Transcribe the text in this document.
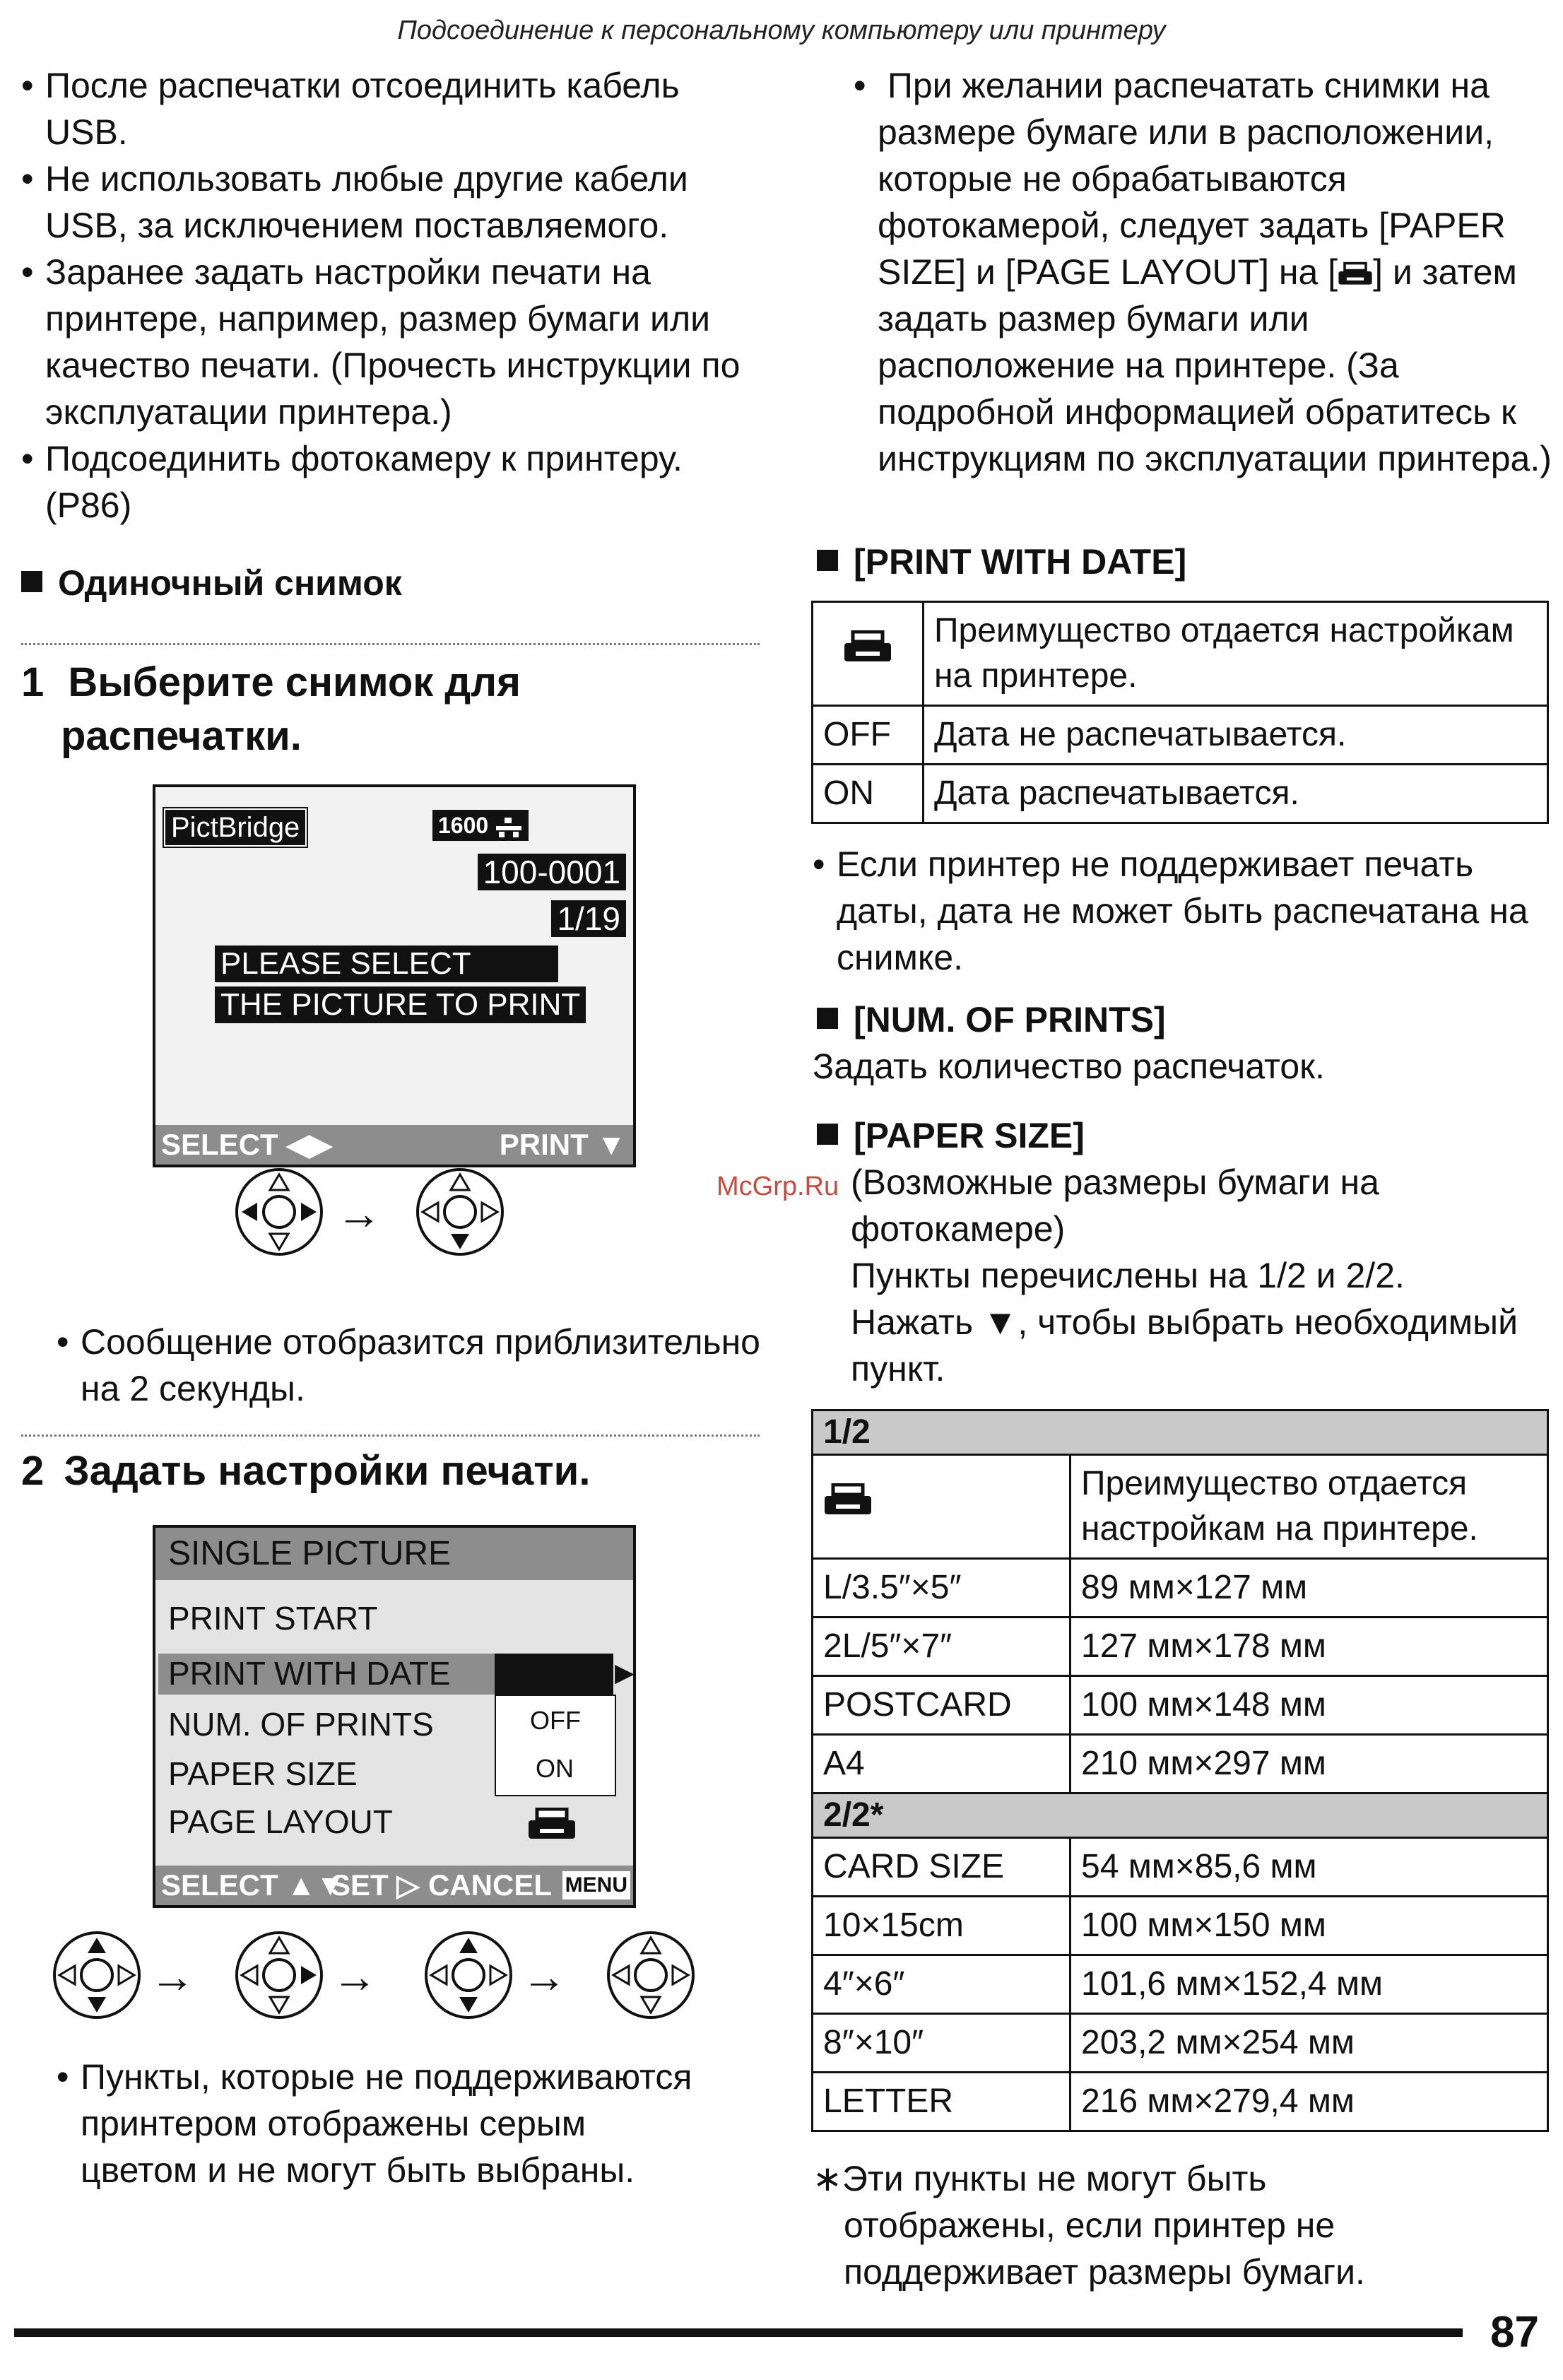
Подсоединение к персональному компьютеру или принтеру

• После распечатки отсоединить кабель USB.

• Не использовать любые другие кабели USB, за исключением поставляемого.

• Заранее задать настройки печати на принтере, например, размер бумаги или качество печати. (Прочесть инструкции по эксплуатации принтера.)

• Подсоединить фотокамеру к принтеру. (P86)

Одиночный снимок
1 Выберите снимок для
распечатки.
PictBridge	1600
100-0001
1/19
PLEASE SELECT
THE PICTURE TO PRINT
SELECT ◀▶	PRINT ▼
→

• Сообщение отобразится приблизительно на 2 секунды.

2 Задать настройки печати.
SINGLE PICTURE
PRINT START
PRINT WITH DATE
NUM. OF PRINTS
PAPER SIZE
PAGE LAYOUT
▶
OFF
ON
SELECT ▲▼
SET ▷ CANCEL MENU
→	→	→

• Пункты, которые не поддерживаются принтером отображены серым цветом и не могут быть выбраны.

• При желании распечатать снимки на размере бумаге или в расположении, которые не обрабатываются фотокамерой, следует задать [PAPER SIZE] и [PAGE LAYOUT] на [ ] и затем задать размер бумаги или расположение на принтере. (За подробной информацией обратитесь к инструкциям по эксплуатации принтера.)

[PRINT WITH DATE]
	Преимущество отдается настройкам на принтере.
OFF	Дата не распечатывается.
ON	Дата распечатывается.

• Если принтер не поддерживает печать даты, дата не может быть распечатана на снимке.

[NUM. OF PRINTS]
Задать количество распечаток.
[PAPER SIZE]

(Возможные размеры бумаги на фотокамере)

Пункты перечислены на 1/2 и 2/2.

Нажать ▼, чтобы выбрать необходимый пункт.

McGrp.Ru
1/2	
	Преимущество отдается настройкам на принтере.
L/3.5″×5″	89 мм×127 мм
2L/5″×7″	127 мм×178 мм
POSTCARD	100 мм×148 мм
A4	210 мм×297 мм
2/2*	
CARD SIZE	54 мм×85,6 мм
10×15cm	100 мм×150 мм
4″×6″	101,6 мм×152,4 мм
8″×10″	203,2 мм×254 мм
LETTER	216 мм×279,4 мм
∗Эти пункты не могут быть отображены, если принтер не поддерживает размеры бумаги.
87
